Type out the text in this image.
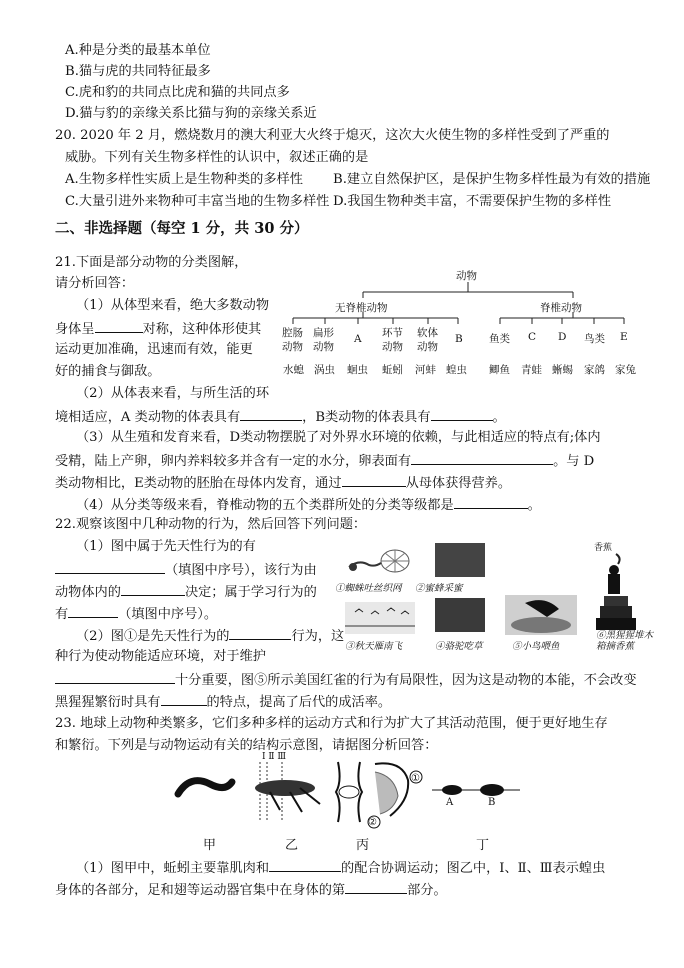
A.种是分类的最基本单位
B.猫与虎的共同特征最多
C.虎和豹的共同点比虎和猫的共同点多
D.猫与豹的亲缘关系比猫与狗的亲缘关系近
20. 2020 年 2 月，燃烧数月的澳大利亚大火终于熄灭，这次大火使生物的多样性受到了严重的
威胁。下列有关生物多样性的认识中，叙述正确的是
A.生物多样性实质上是生物种类的多样性 B.建立自然保护区，是保护生物多样性最为有效的措施
C.大量引进外来物种可丰富当地的生物多样性 D.我国生物种类丰富，不需要保护生物的多样性
二、非选择题（每空 1 分，共 30 分）
21.下面是部分动物的分类图解，
请分析回答：
（1）从体型来看，绝大多数动物
身体呈	对称，这种体形使其
运动更加准确，迅速而有效，能更
好的捕食与御敌。
（2）从体表来看，与所生活的环
境相适应，A 类动物的体表具有	，B类动物的体表具有	。
（3）从生殖和发育来看，D类动物摆脱了对外界水环境的依赖，与此相适应的特点有;体内
受精，陆上产卵，卵内养料较多并含有一定的水分，卵表面有	。与 D
类动物相比，E类动物的胚胎在母体内发育，通过	从母体获得营养。
（4）从分类等级来看，脊椎动物的五个类群所处的分类等级都是	。
动物
无脊椎动物	脊椎动物
腔肠 扁形 A 环节 软体 B	鱼类 C D 鸟类 E
动物 动物	动物 动物
水螅 涡虫 蛔虫 蚯蚓 河蚌 蝗虫 鲫鱼 青蛙 蜥蜴 家鸽 家兔
22.观察该图中几种动物的行为，然后回答下列问题：
（1）图中属于先天性行为的有
（填图中序号），该行为由
动物体内的	决定；属于学习行为的
有	（填图中序号）。
（2）图①是先天性行为的	行为，这
种行为使动物能适应环境，对于维护
十分重要，图⑤所示美国红雀的行为有局限性，因为这是动物的本能，不会改变
黑猩猩繁衍时具有	的特点，提高了后代的成活率。
①蜘蛛吐丝织网 ②蜜蜂采蜜
③秋天雁南飞	④骆驼吃草	⑤小鸟喂鱼
香蕉
⑥黑猩猩堆木箱摘香蕉
23. 地球上动物种类繁多，它们多种多样的运动方式和行为扩大了其活动范围，便于更好地生存
和繁衍。下列是与动物运动有关的结构示意图，请据图分析回答：
Ⅰ Ⅱ Ⅲ
①
②
A	B
甲	乙	丙	丁
（1）图甲中，蚯蚓主要靠肌肉和	的配合协调运动；图乙中，Ⅰ、Ⅱ、Ⅲ表示蝗虫
身体的各部分，足和翅等运动器官集中在身体的第	部分。
